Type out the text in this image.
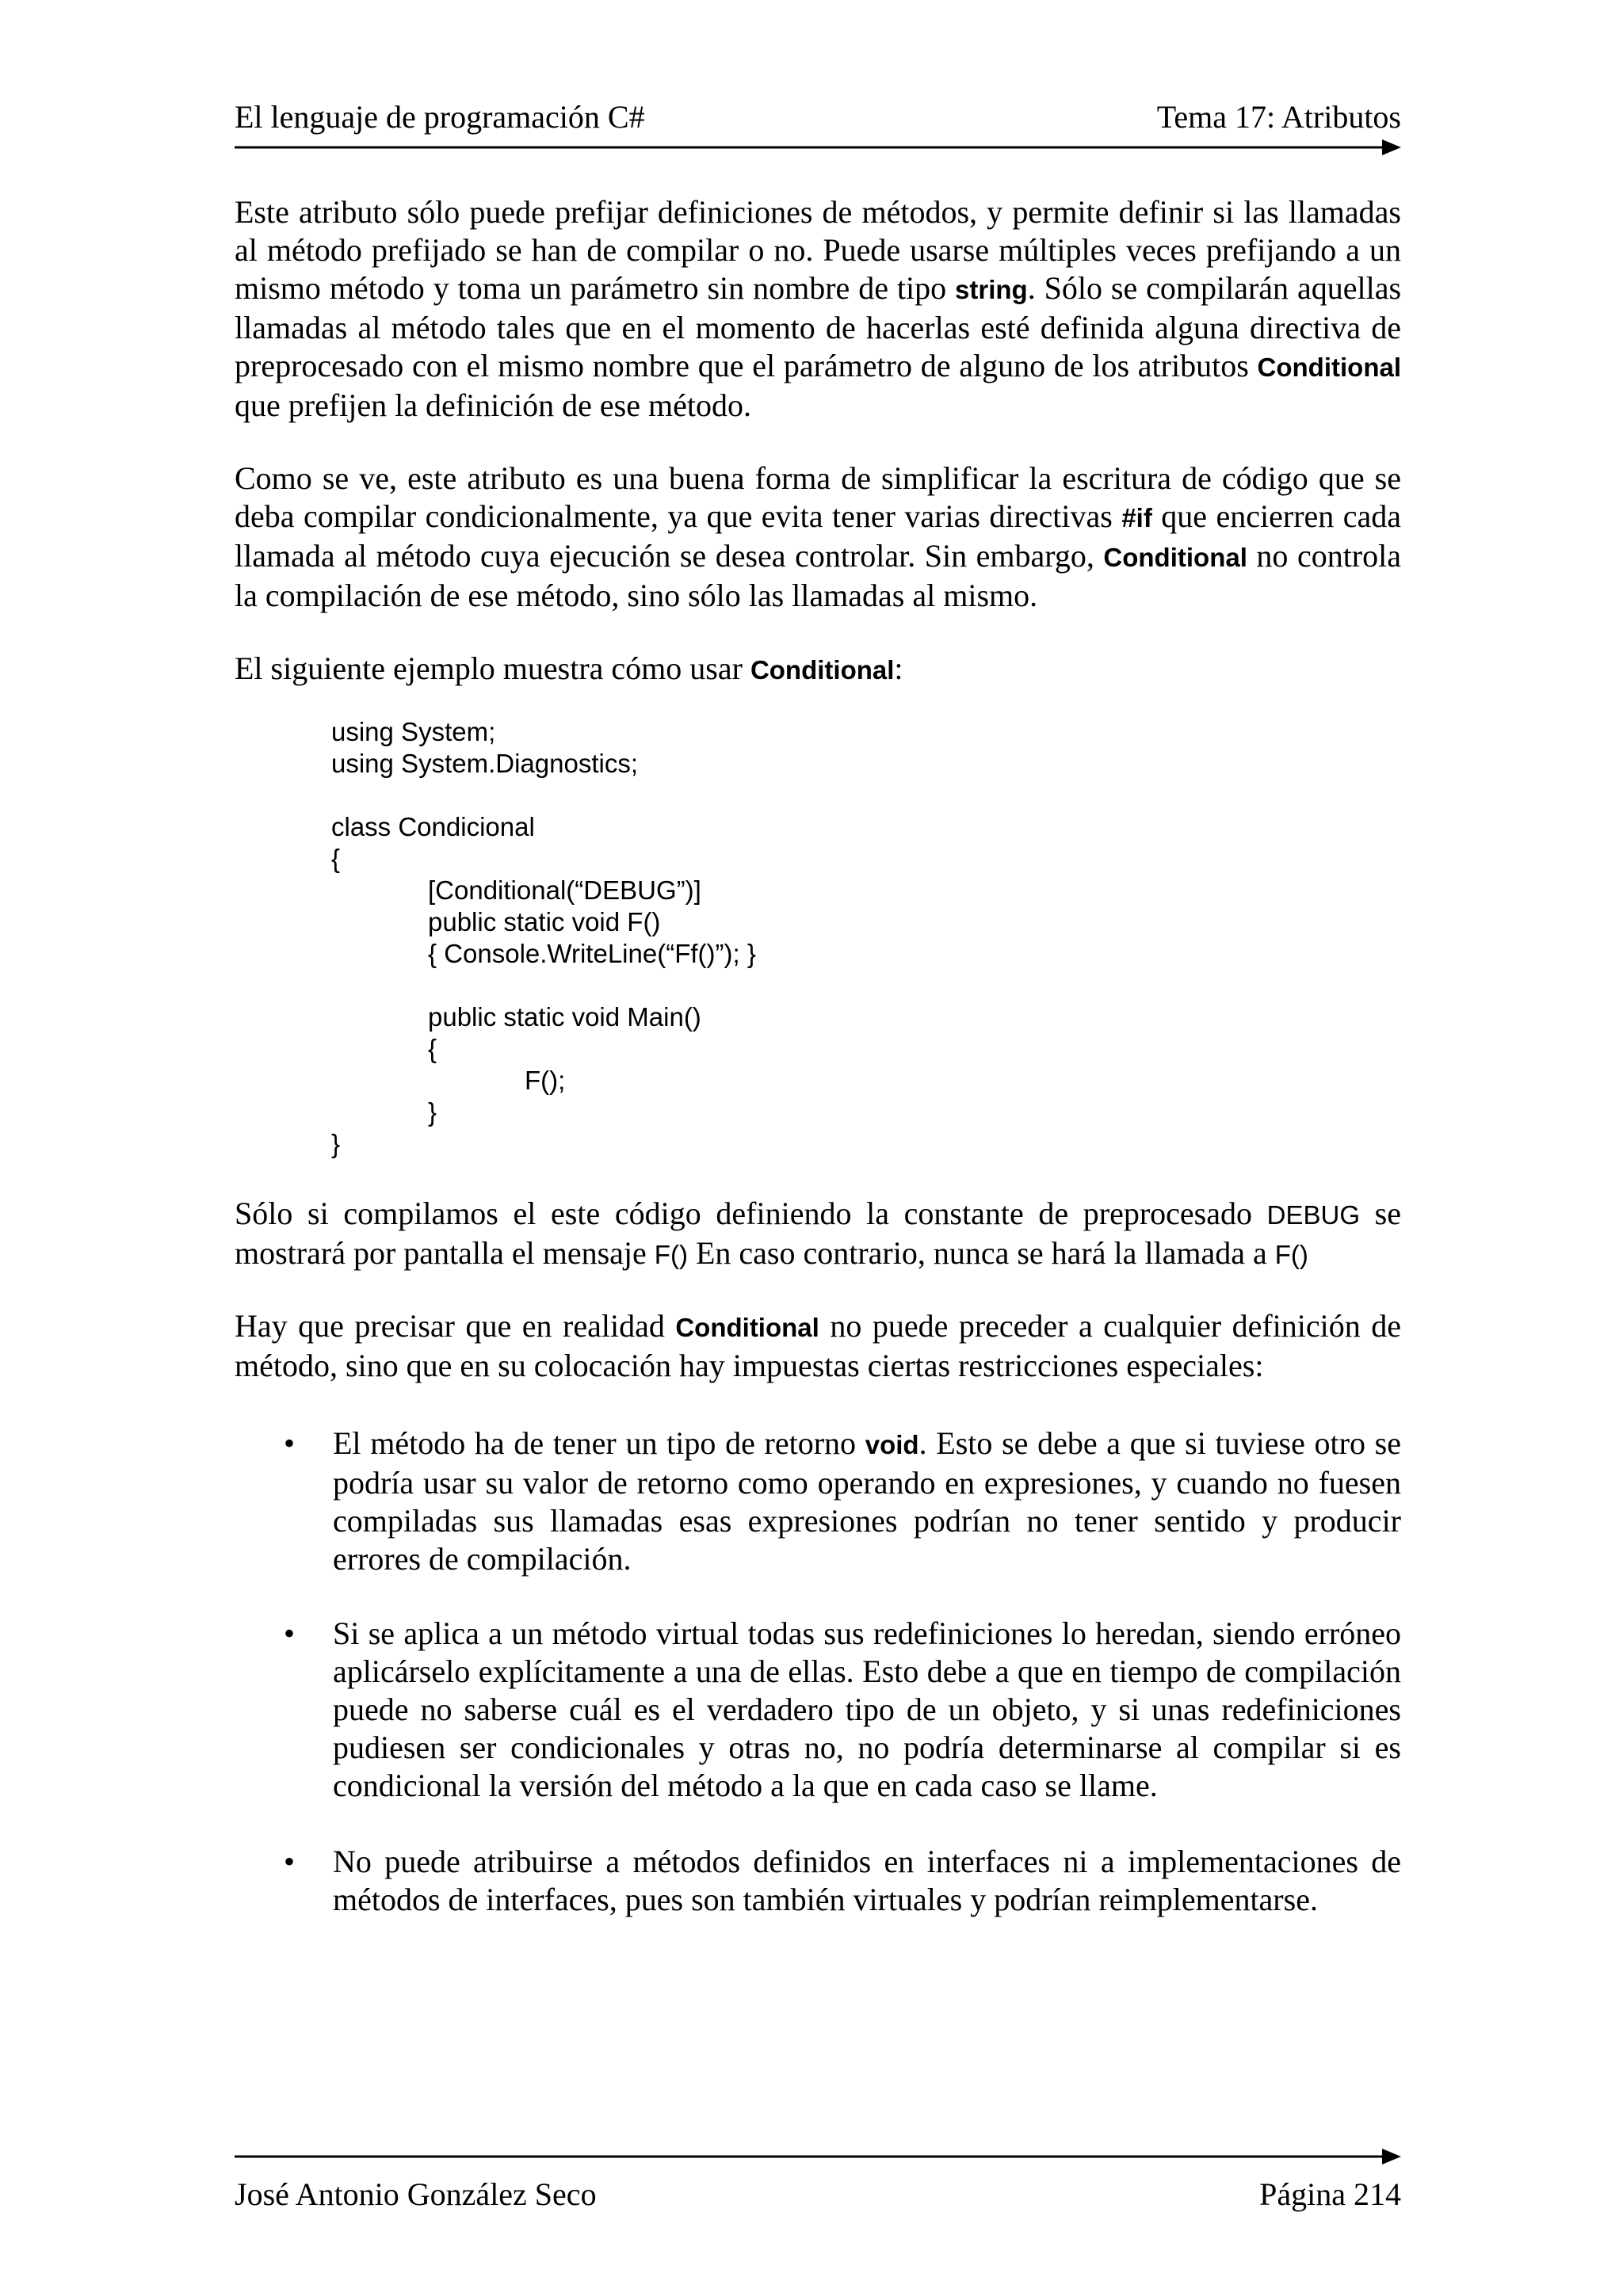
El lenguaje de programación C#	Tema 17: Atributos

Este atributo sólo puede prefijar definiciones de métodos, y permite definir si las llamadas al método prefijado se han de compilar o no. Puede usarse múltiples veces prefijando a un mismo método y toma un parámetro sin nombre de tipo string. Sólo se compilarán aquellas llamadas al método tales que en el momento de hacerlas esté definida alguna directiva de preprocesado con el mismo nombre que el parámetro de alguno de los atributos Conditional que prefijen la definición de ese método.

Como se ve, este atributo es una buena forma de simplificar la escritura de código que se deba compilar condicionalmente, ya que evita tener varias directivas #if que encierren cada llamada al método cuya ejecución se desea controlar. Sin embargo, Conditional no controla la compilación de ese método, sino sólo las llamadas al mismo.

El siguiente ejemplo muestra cómo usar Conditional:

using System;
using System.Diagnostics;
class Condicional
{
[Conditional(“DEBUG”)]
public static void F()
{ Console.WriteLine(“Ff()”); }
public static void Main()
{
F();
}
}

Sólo si compilamos el este código definiendo la constante de preprocesado DEBUG se mostrará por pantalla el mensaje F() En caso contrario, nunca se hará la llamada a F()

Hay que precisar que en realidad Conditional no puede preceder a cualquier definición de método, sino que en su colocación hay impuestas ciertas restricciones especiales:

• El método ha de tener un tipo de retorno void. Esto se debe a que si tuviese otro se podría usar su valor de retorno como operando en expresiones, y cuando no fuesen compiladas sus llamadas esas expresiones podrían no tener sentido y producir errores de compilación.

• Si se aplica a un método virtual todas sus redefiniciones lo heredan, siendo erróneo aplicárselo explícitamente a una de ellas. Esto debe a que en tiempo de compilación puede no saberse cuál es el verdadero tipo de un objeto, y si unas redefiniciones pudiesen ser condicionales y otras no, no podría determinarse al compilar si es condicional la versión del método a la que en cada caso se llame.

• No puede atribuirse a métodos definidos en interfaces ni a implementaciones de métodos de interfaces, pues son también virtuales y podrían reimplementarse.

José Antonio González Seco	Página 214
